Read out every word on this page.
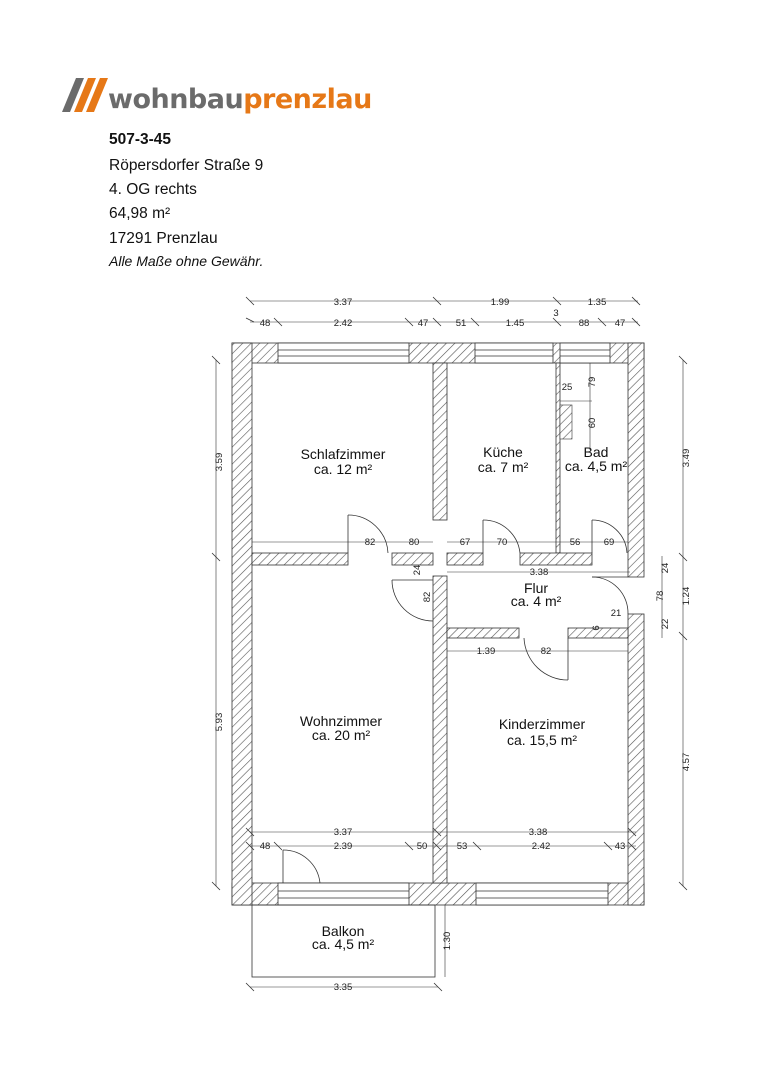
wohnbauprenzlau
507-3-45
Röpersdorfer Straße 9
4. OG rechts
64,98 m²
17291 Prenzlau
Alle Maße ohne Gewähr.
3.37	1.99	1.35
3
48	2.42	47	51	1.45	88	47
3.59
5.93
3.49
1.24
4.57
24
78
22
25 79
60
82	80	67	70	56 69
3.38
24
82
21
6
1.39	82
3.37	3.38
48	2.39	50	53	2.42	43
1.30
3.35
Schlafzimmer
ca. 12 m²
Küche
ca. 7 m²
Bad
ca. 4,5 m²
Flur
ca. 4 m²
Wohnzimmer
ca. 20 m²
Kinderzimmer
ca. 15,5 m²
Balkon
ca. 4,5 m²
